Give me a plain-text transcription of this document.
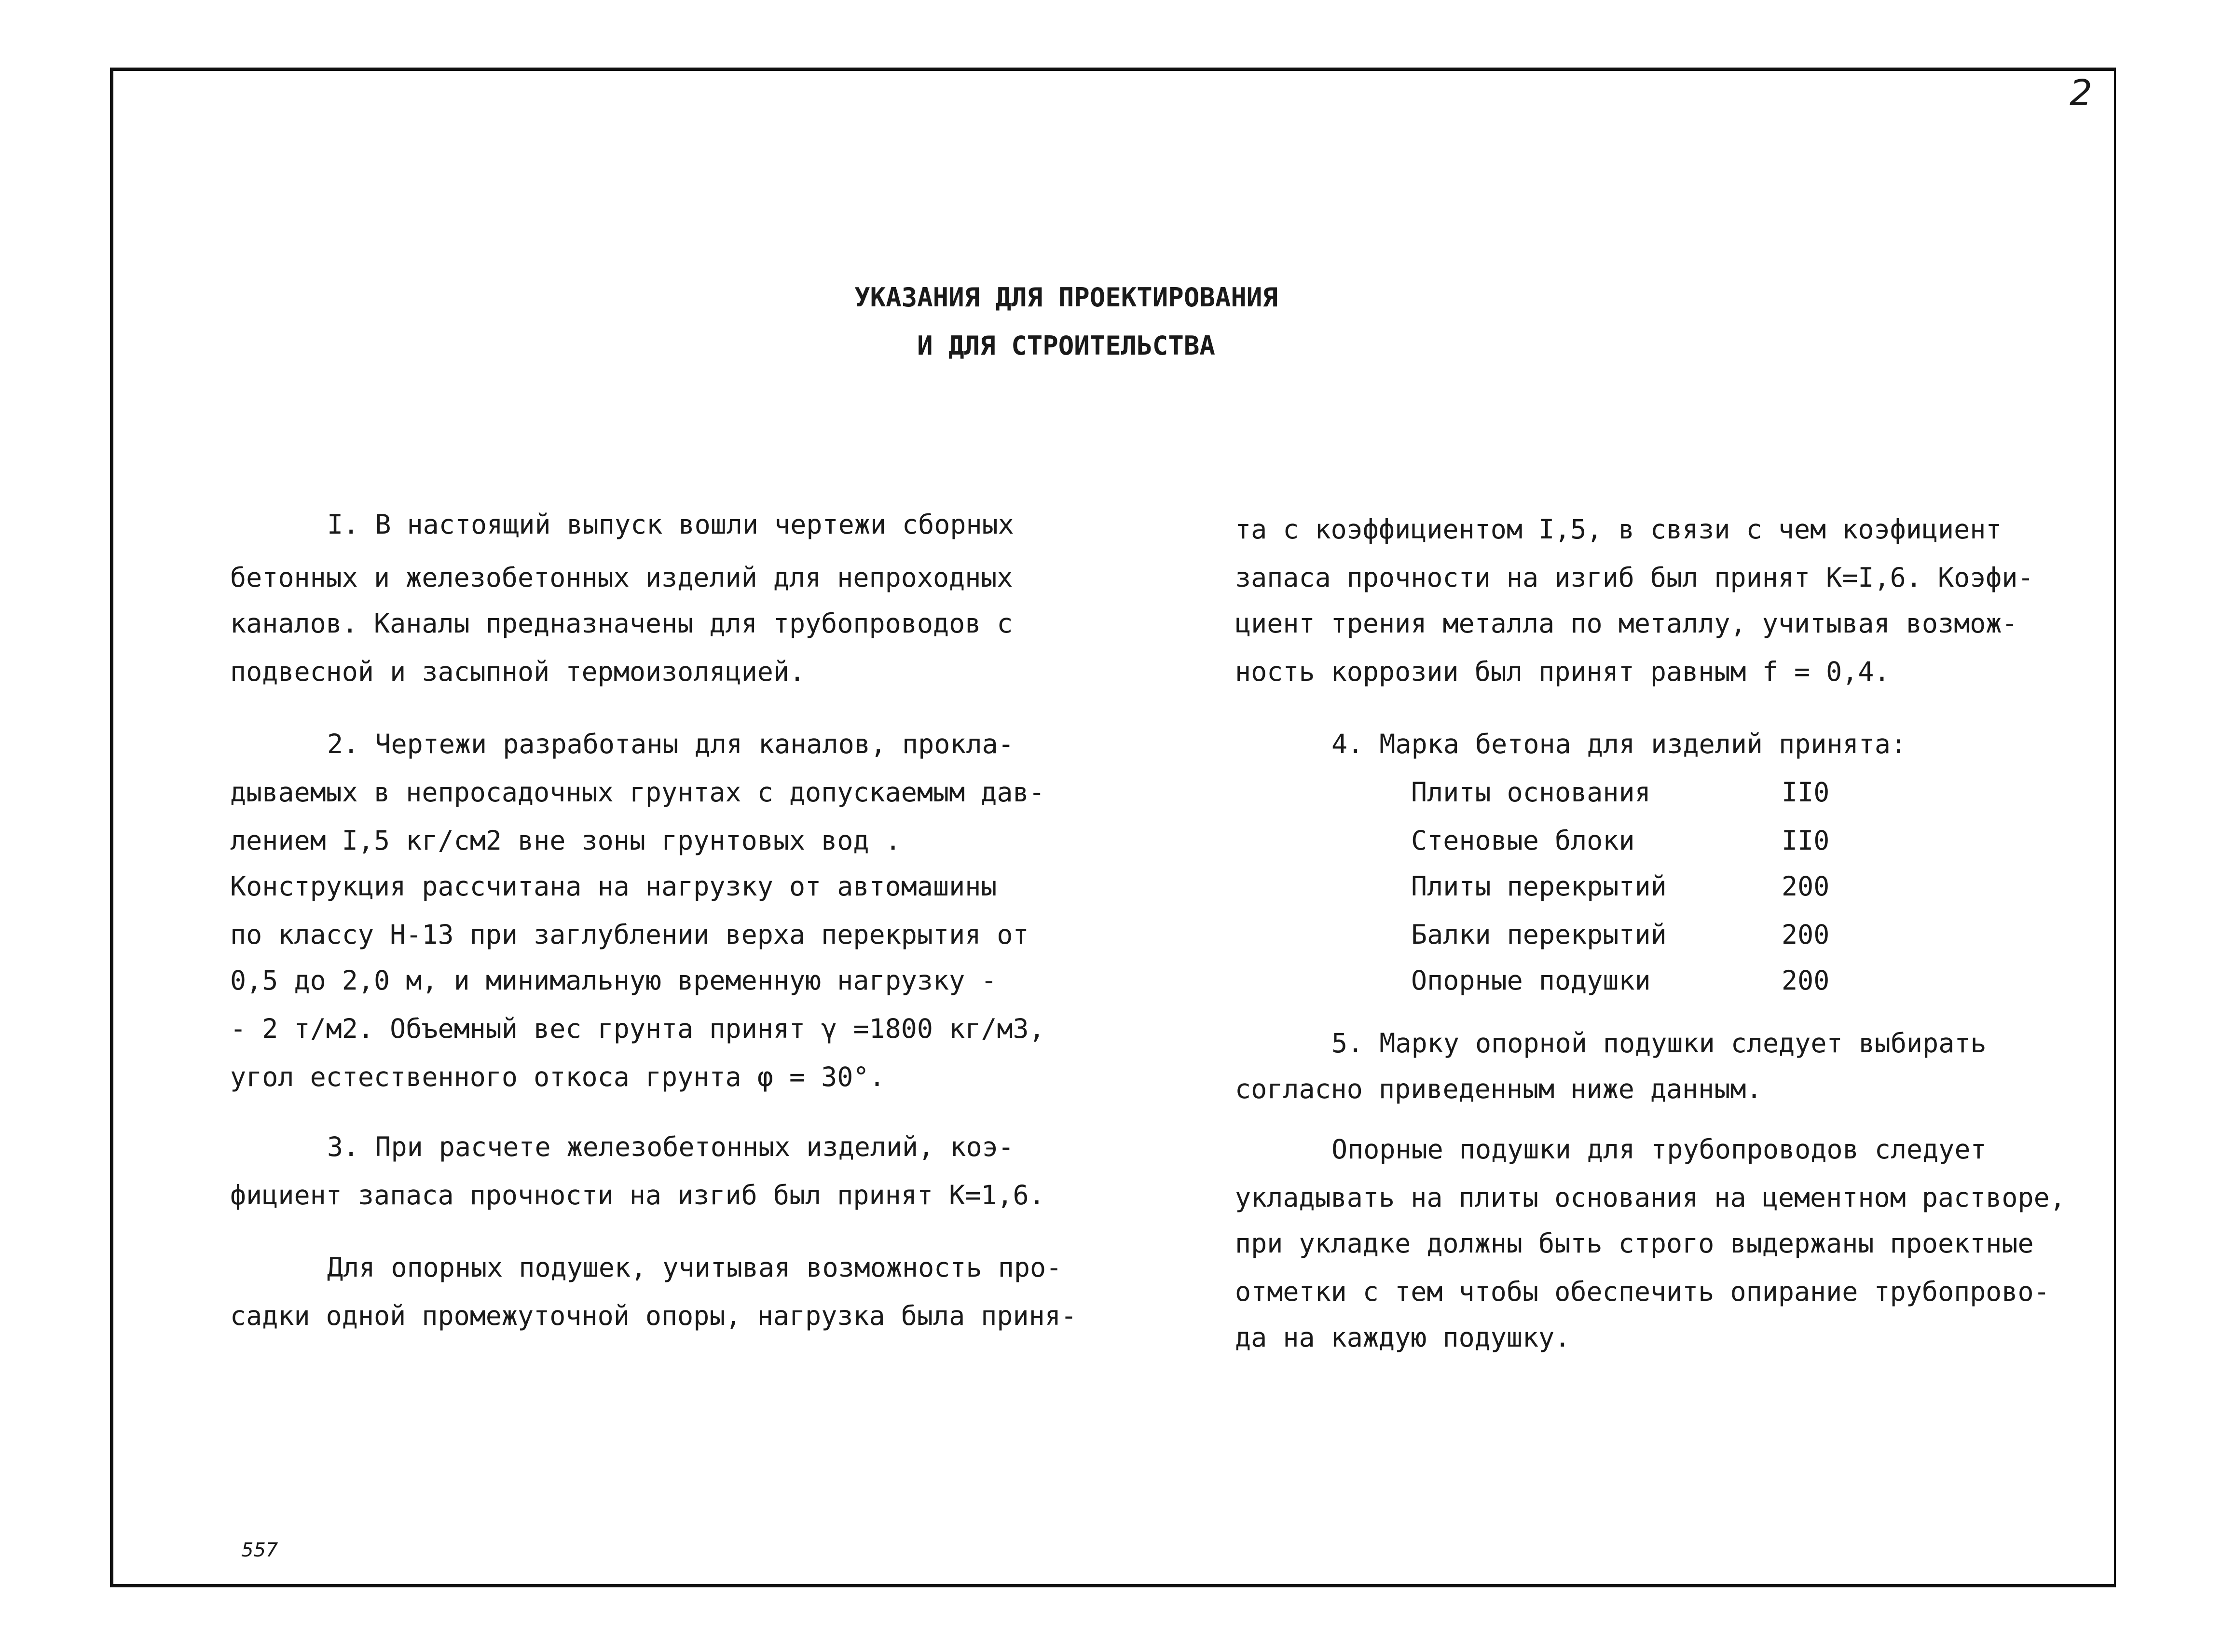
2
УКАЗАНИЯ ДЛЯ ПРОЕКТИРОВАНИЯ
И ДЛЯ СТРОИТЕЛЬСТВА
I. В настоящий выпуск вошли чертежи сборных
бетонных и железобетонных изделий для непроходных
каналов. Каналы предназначены для трубопроводов с
подвесной и засыпной термоизоляцией.
2. Чертежи разработаны для каналов, прокла-
дываемых в непросадочных грунтах с допускаемым дав-
лением I,5 кг/см2 вне зоны грунтовых вод .
Конструкция рассчитана на нагрузку от автомашины
по классу Н-13 при заглублении верха перекрытия от
0,5 до 2,0 м, и минимальную временную нагрузку -
- 2 т/м2. Объемный вес грунта принят γ =1800 кг/м3,
угол естественного откоса грунта φ = 30°.
3. При расчете железобетонных изделий, коэ-
фициент запаса прочности на изгиб был принят К=1,6.
Для опорных подушек, учитывая возможность про-
садки одной промежуточной опоры, нагрузка была приня-
та с коэффициентом I,5, в связи с чем коэфициент
запаса прочности на изгиб был принят К=I,6. Коэфи-
циент трения металла по металлу, учитывая возмож-
ность коррозии был принят равным f = 0,4.
4. Марка бетона для изделий принята:
Плиты основания	II0
Стеновые блоки	II0
Плиты перекрытий	200
Балки перекрытий	200
Опорные подушки	200
5. Марку опорной подушки следует выбирать
согласно приведенным ниже данным.
Опорные подушки для трубопроводов следует
укладывать на плиты основания на цементном растворе,
при укладке должны быть строго выдержаны проектные
отметки с тем чтобы обеспечить опирание трубопрово-
да на каждую подушку.
557
